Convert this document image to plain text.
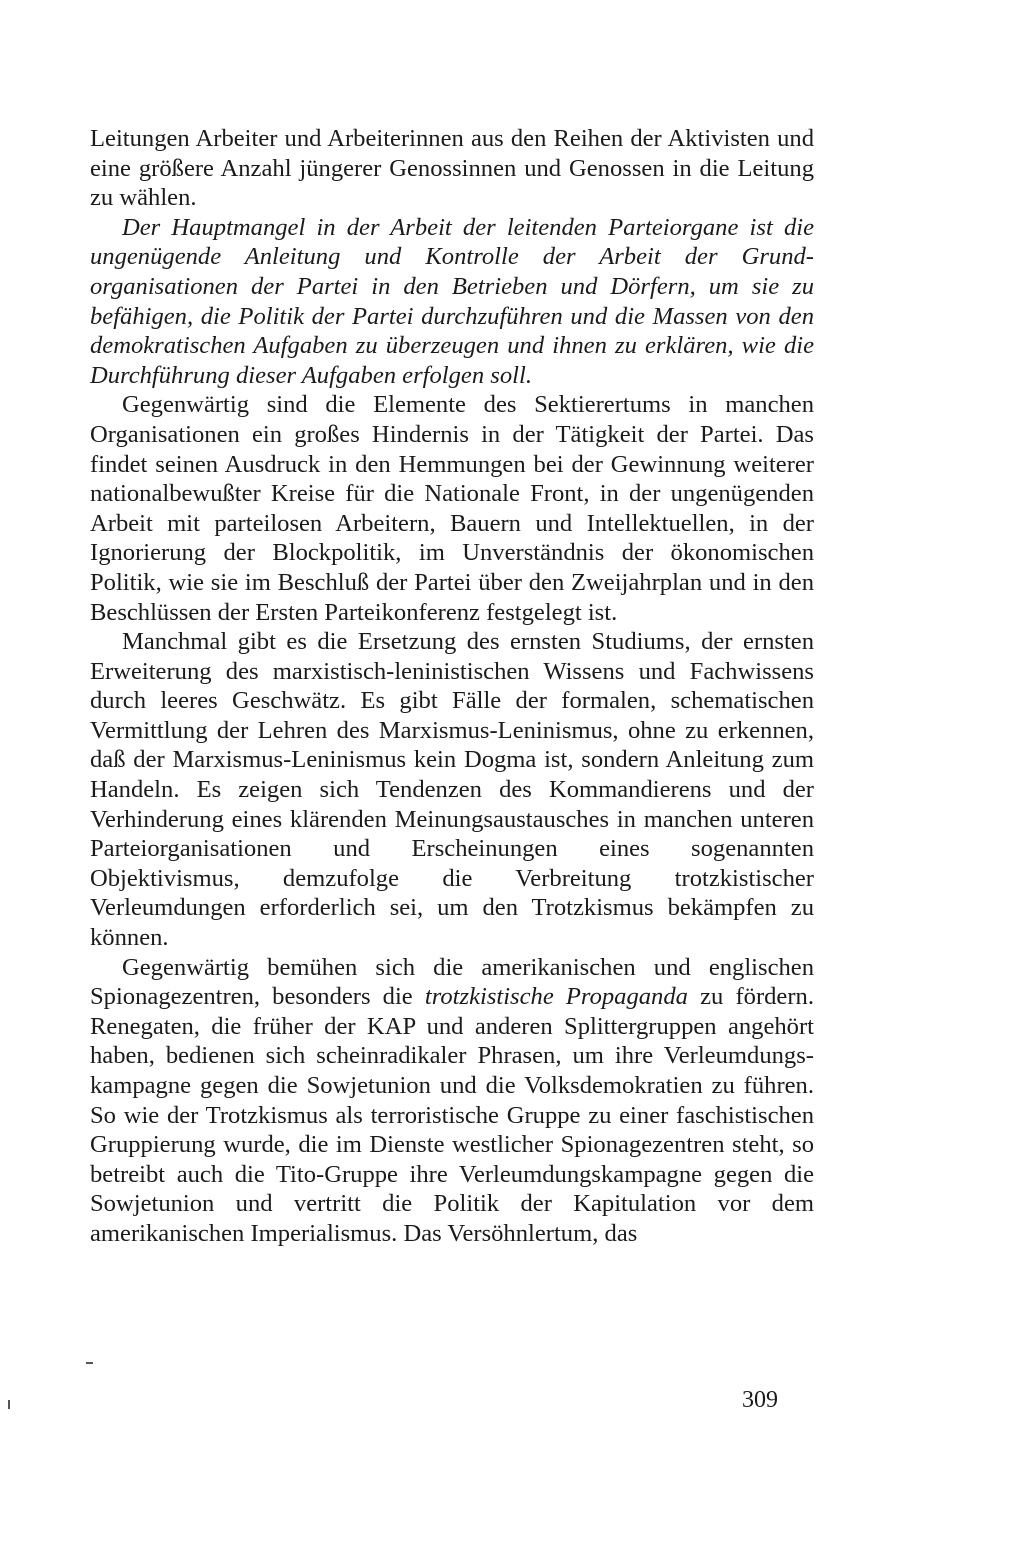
Leitungen Arbeiter und Arbeiterinnen aus den Reihen der Aktivisten und eine größere Anzahl jüngerer Genossinnen und Genossen in die Leitung zu wählen.

Der Hauptmangel in der Arbeit der leitenden Parteiorgane ist die ungenügende Anleitung und Kontrolle der Arbeit der Grundorganisationen der Partei in den Betrieben und Dörfern, um sie zu befähigen, die Politik der Partei durchzuführen und die Massen von den demokratischen Aufgaben zu überzeugen und ihnen zu erklären, wie die Durchführung dieser Aufgaben erfolgen soll.

Gegenwärtig sind die Elemente des Sektierertums in manchen Organisationen ein großes Hindernis in der Tätigkeit der Partei. Das findet seinen Ausdruck in den Hemmungen bei der Gewinnung weiterer nationalbewußter Kreise für die Nationale Front, in der ungenügenden Arbeit mit parteilosen Arbeitern, Bauern und Intellektuellen, in der Ignorierung der Blockpolitik, im Unverständnis der ökonomischen Politik, wie sie im Beschluß der Partei über den Zweijahrplan und in den Beschlüssen der Ersten Parteikonferenz festgelegt ist.

Manchmal gibt es die Ersetzung des ernsten Studiums, der ernsten Erweiterung des marxistisch-leninistischen Wissens und Fachwissens durch leeres Geschwätz. Es gibt Fälle der formalen, schematischen Vermittlung der Lehren des Marxismus-Leninismus, ohne zu erkennen, daß der Marxismus-Leninismus kein Dogma ist, sondern Anleitung zum Handeln. Es zeigen sich Tendenzen des Kommandierens und der Verhinderung eines klärenden Meinungsaustausches in manchen unteren Parteiorganisationen und Erscheinungen eines sogenannten Objektivismus, demzufolge die Verbreitung trotzkistischer Verleumdungen erforderlich sei, um den Trotzkismus bekämpfen zu können.

Gegenwärtig bemühen sich die amerikanischen und englischen Spionagezentren, besonders die trotzkistische Propaganda zu fördern. Renegaten, die früher der KAP und anderen Splittergruppen angehört haben, bedienen sich scheinradikaler Phrasen, um ihre Verleumdungskampagne gegen die Sowjetunion und die Volksdemokratien zu führen. So wie der Trotzkismus als terroristische Gruppe zu einer faschistischen Gruppierung wurde, die im Dienste westlicher Spionagezentren steht, so betreibt auch die Tito-Gruppe ihre Verleumdungskampagne gegen die Sowjetunion und vertritt die Politik der Kapitulation vor dem amerikanischen Imperialismus. Das Versöhnlertum, das

309
